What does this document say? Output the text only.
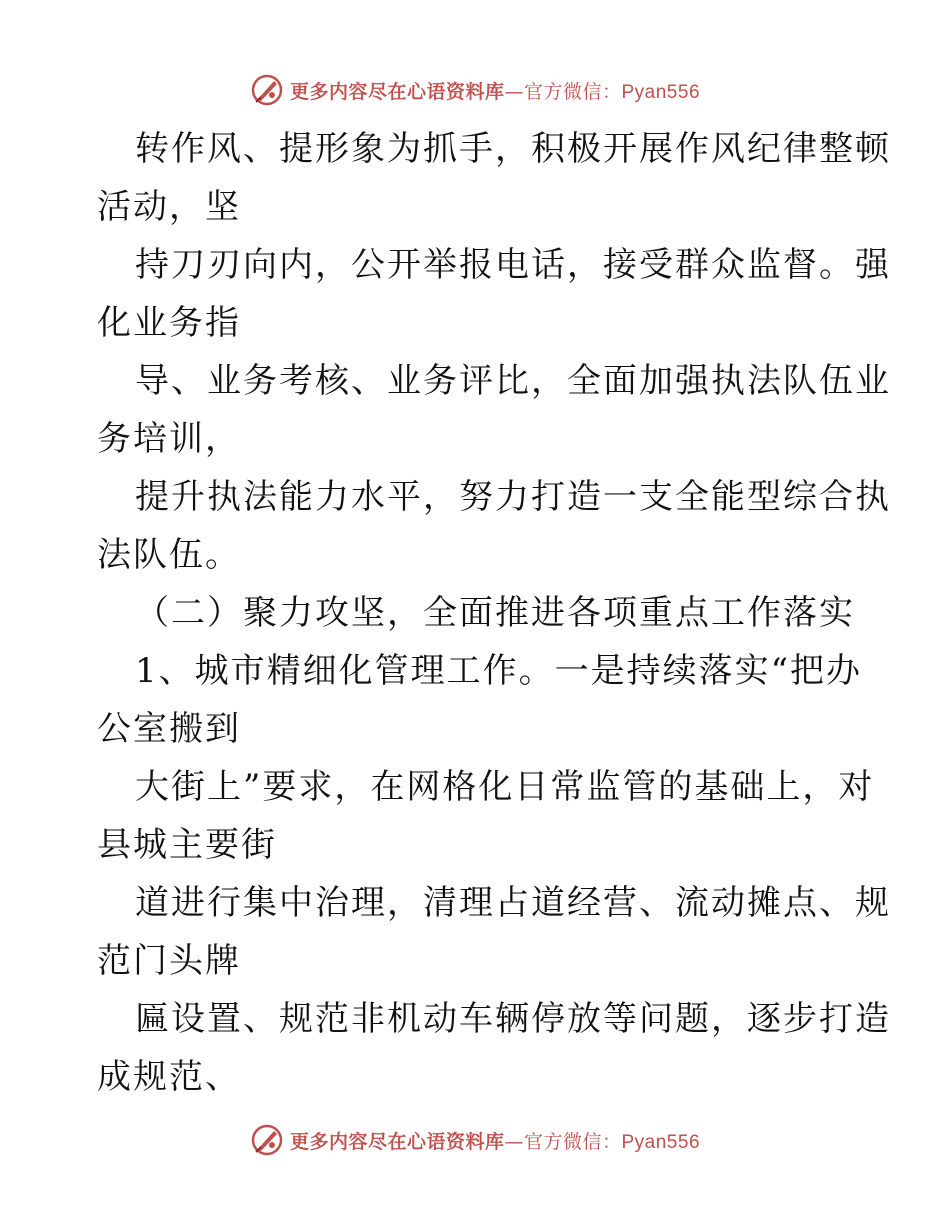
更多内容尽在心语资料库—官方微信：Pyan556
转作风、提形象为抓手，积极开展作风纪律整顿
活动，坚
持刀刃向内，公开举报电话，接受群众监督。强
化业务指
导、业务考核、业务评比，全面加强执法队伍业
务培训，
提升执法能力水平，努力打造一支全能型综合执
法队伍。
（二）聚力攻坚，全面推进各项重点工作落实
1、城市精细化管理工作。一是持续落实“把办
公室搬到
大街上”要求，在网格化日常监管的基础上，对
县城主要街
道进行集中治理，清理占道经营、流动摊点、规
范门头牌
匾设置、规范非机动车辆停放等问题，逐步打造
成规范、
更多内容尽在心语资料库—官方微信：Pyan556
